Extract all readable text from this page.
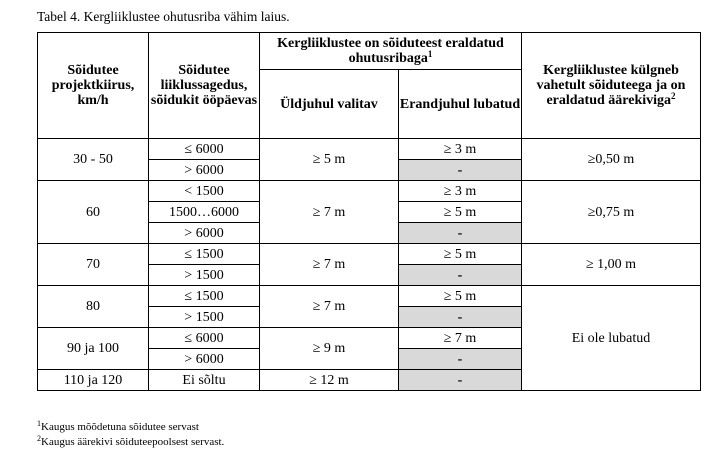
Tabel 4. Kergliiklustee ohutusriba vähim laius.
Sõidutee projektkiirus, km/h	Sõidutee liiklussagedus, sõidukit ööpäevas	Kergliiklustee on sõiduteest eraldatud ohutusribaga$^1$		Kergliiklustee külgneb vahetult sõiduteega ja on eraldatud äärekiviga$^2$
		Üldjuhul valitav	Erandjuhul lubatud	
30 - 50	≤ 6000	≥ 5 m	≥ 3 m	≥0,50 m
	> 6000		-	
60	< 1500	≥ 7 m	≥ 3 m	≥0,75 m
	1500…6000		≥ 5 m	
	> 6000		-	
70	≤ 1500	≥ 7 m	≥ 5 m	≥ 1,00 m
	> 1500		-	
80	≤ 1500	≥ 7 m	≥ 5 m	Ei ole lubatud
	> 1500		-	
90 ja 100	≤ 6000	≥ 9 m	≥ 7 m	
	> 6000		-	
110 ja 120	Ei sõltu	≥ 12 m	-	
$^1$Kaugus mõõdetuna sõidutee servast
$^2$Kaugus äärekivi sõiduteepoolsest servast.
